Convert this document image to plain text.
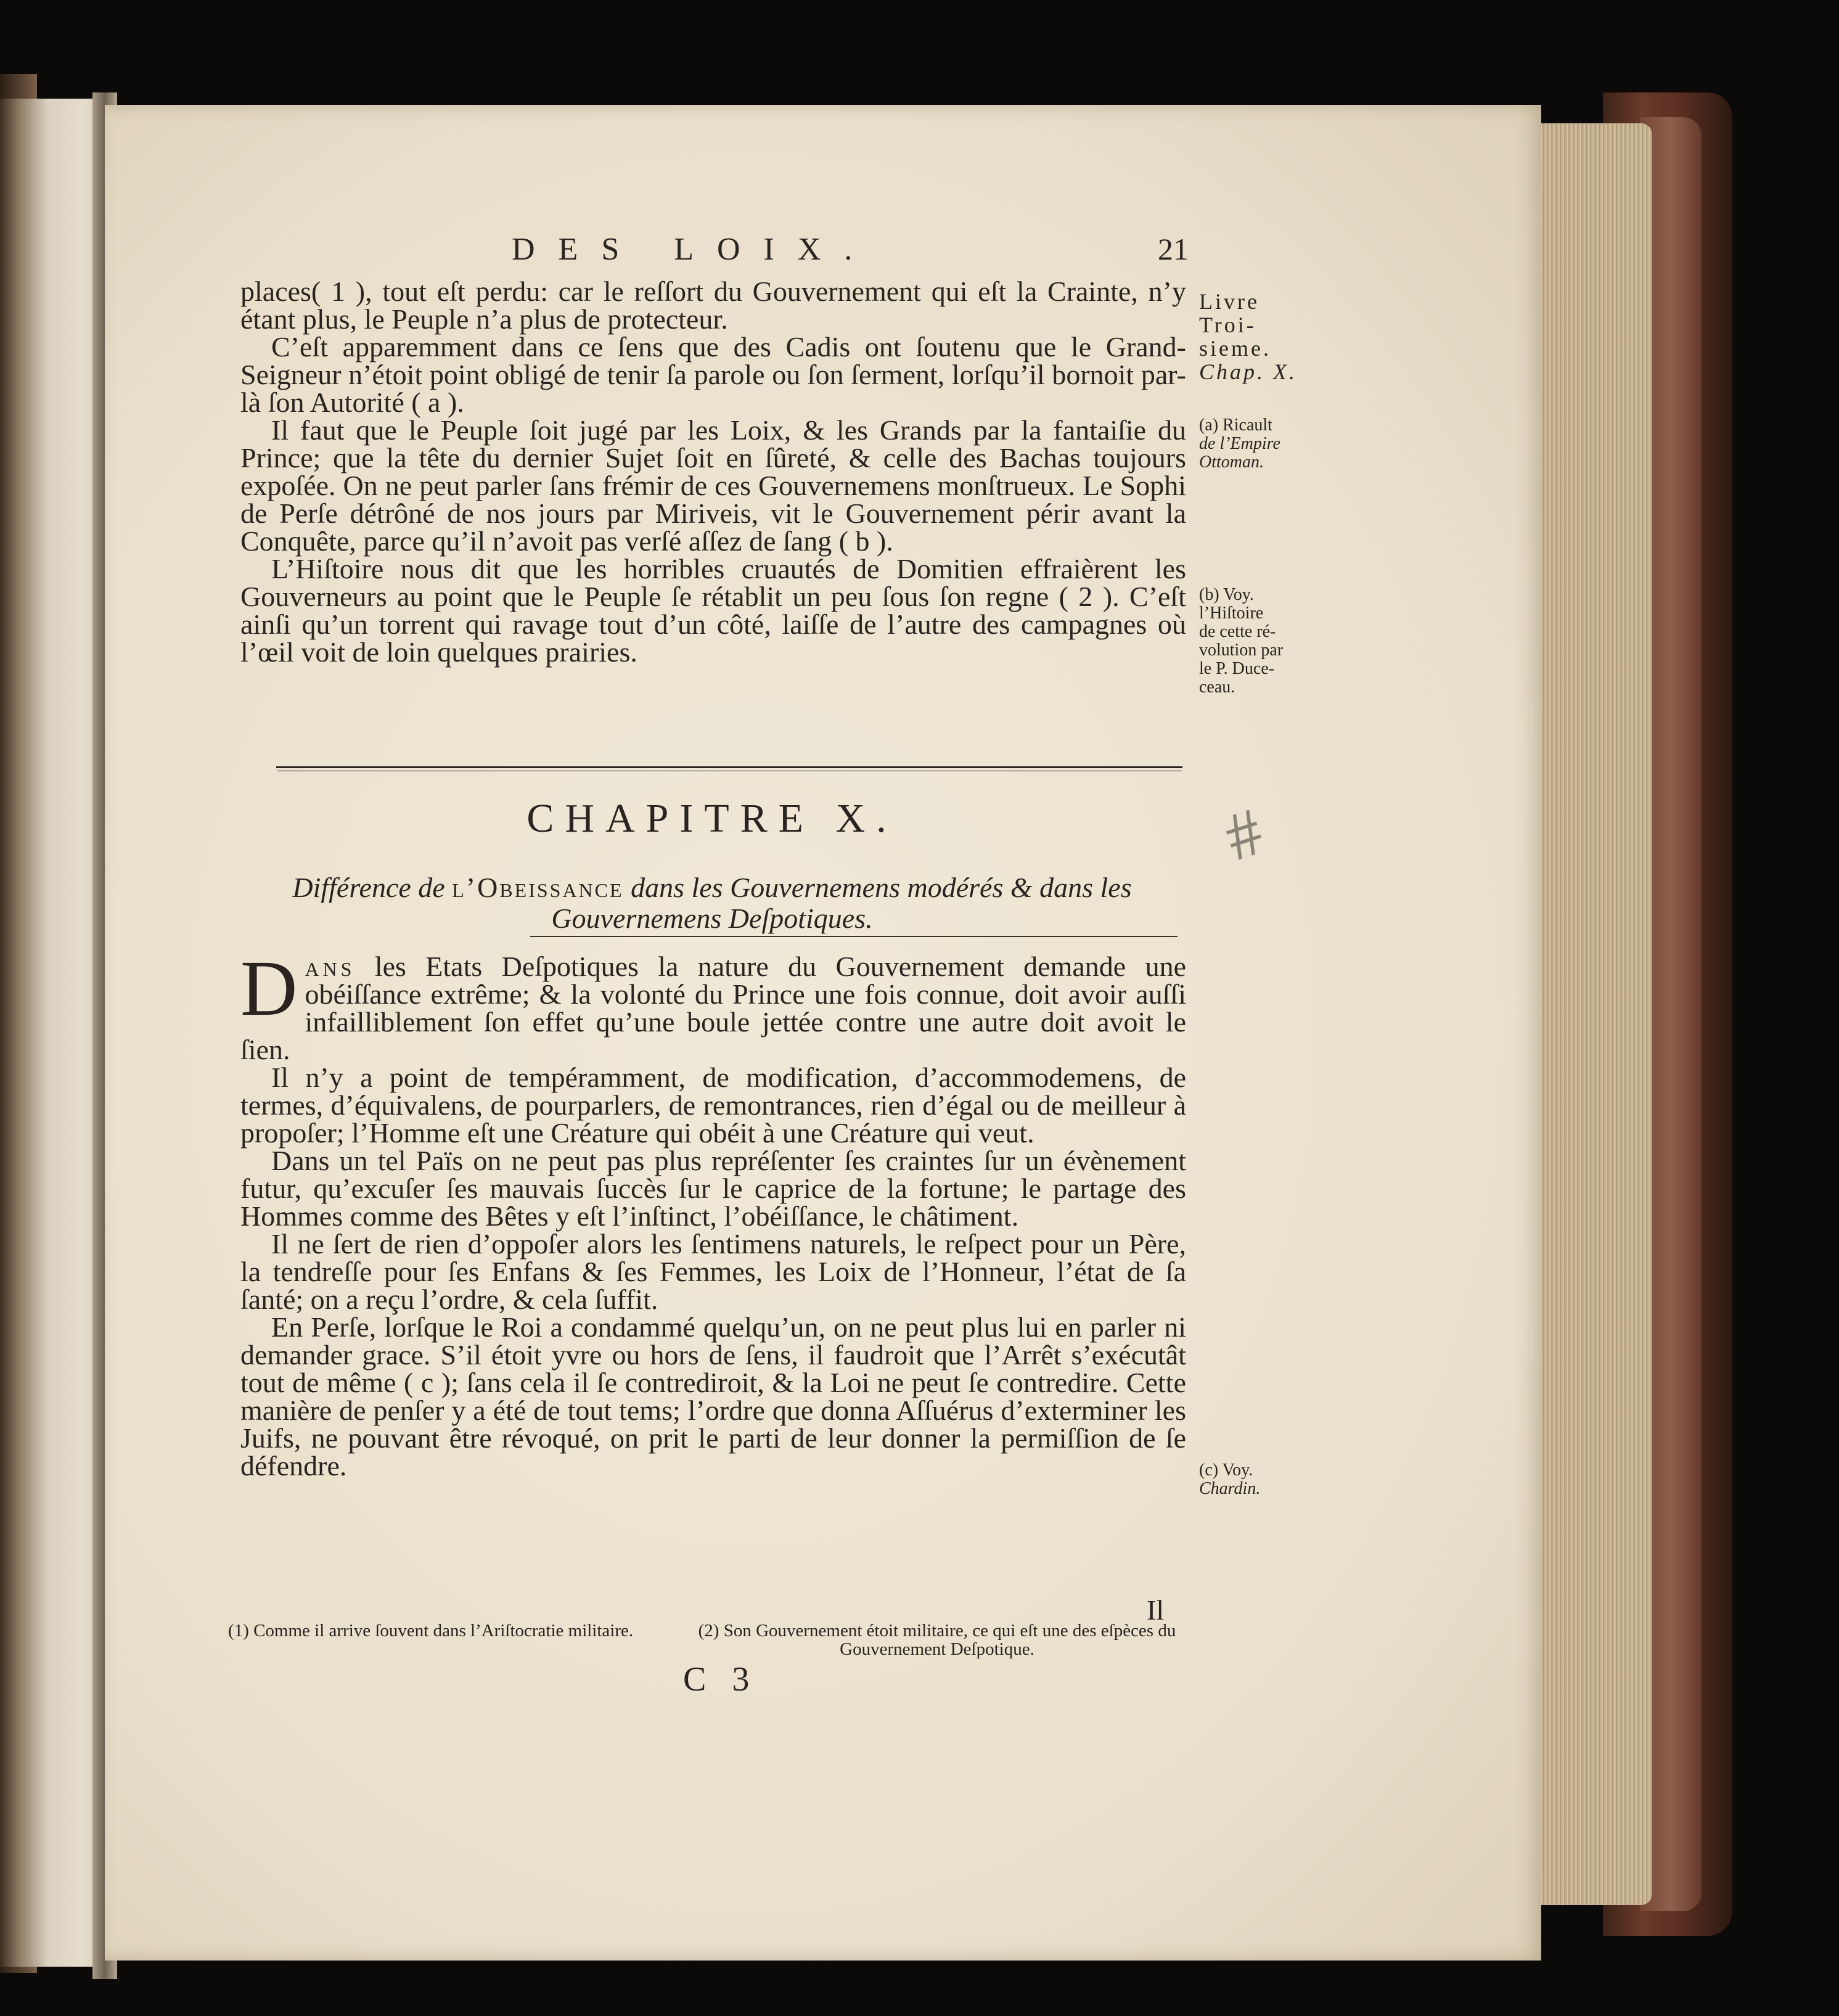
DES LOIX.	21

places( 1 ), tout eſt perdu: car le reſſort du Gouvernement qui eſt la Crainte, n’y étant plus, le Peuple n’a plus de protecteur.

C’eſt apparemment dans ce ſens que des Cadis ont ſoutenu que le Grand-Seigneur n’étoit point obligé de tenir ſa parole ou ſon ſerment, lorſqu’il bornoit par-là ſon Autorité ( a ).

Il faut que le Peuple ſoit jugé par les Loix, & les Grands par la fantaiſie du Prince; que la tête du dernier Sujet ſoit en ſûreté, & celle des Bachas toujours expoſée. On ne peut parler ſans frémir de ces Gouvernemens monſtrueux. Le Sophi de Perſe détrôné de nos jours par Miriveis, vit le Gouvernement périr avant la Conquête, parce qu’il n’avoit pas verſé aſſez de ſang ( b ).

L’Hiſtoire nous dit que les horribles cruautés de Domitien effraièrent les Gouverneurs au point que le Peuple ſe rétablit un peu ſous ſon regne ( 2 ). C’eſt ainſi qu’un torrent qui ravage tout d’un côté, laiſſe de l’autre des campagnes où l’œil voit de loin quelques prairies.

CHAPITRE X.
Différence de l’Obeissance dans les Gouvernemens modérés & dans les Gouvernemens Deſpotiques.

Dans les Etats Deſpotiques la nature du Gouvernement demande une obéiſſance extrême; & la volonté du Prince une fois connue, doit avoir auſſi infailliblement ſon effet qu’une boule jettée contre une autre doit avoit le ſien.

Il n’y a point de tempéramment, de modification, d’accommodemens, de termes, d’équivalens, de pourparlers, de remontrances, rien d’égal ou de meilleur à propoſer; l’Homme eſt une Créature qui obéit à une Créature qui veut.

Dans un tel Païs on ne peut pas plus repréſenter ſes craintes ſur un évènement futur, qu’excuſer ſes mauvais ſuccès ſur le caprice de la fortune; le partage des Hommes comme des Bêtes y eſt l’inſtinct, l’obéiſſance, le châtiment.

Il ne ſert de rien d’oppoſer alors les ſentimens naturels, le reſpect pour un Père, la tendreſſe pour ſes Enfans & ſes Femmes, les Loix de l’Honneur, l’état de ſa ſanté; on a reçu l’ordre, & cela ſuffit.

En Perſe, lorſque le Roi a condammé quelqu’un, on ne peut plus lui en parler ni demander grace. S’il étoit yvre ou hors de ſens, il faudroit que l’Arrêt s’exécutât tout de même ( c ); ſans cela il ſe contrediroit, & la Loi ne peut ſe contredire. Cette manière de penſer y a été de tout tems; l’ordre que donna Aſſuérus d’exterminer les Juifs, ne pouvant être révoqué, on prit le parti de leur donner la permiſſion de ſe défendre.

Livre
Troi-
sieme.
Chap. X.
(a) Ricault
de l’Empire
Ottoman.
(b) Voy.
l’Hiſtoire
de cette ré-
volution par
le P. Duce-
ceau.
(c) Voy.
Chardin.
#
Il
(1) Comme il arrive ſouvent dans l’Ariſtocratie militaire.	(2) Son Gouvernement étoit militaire, ce qui eſt une des eſpèces du Gouvernement Deſpotique.
C 3
